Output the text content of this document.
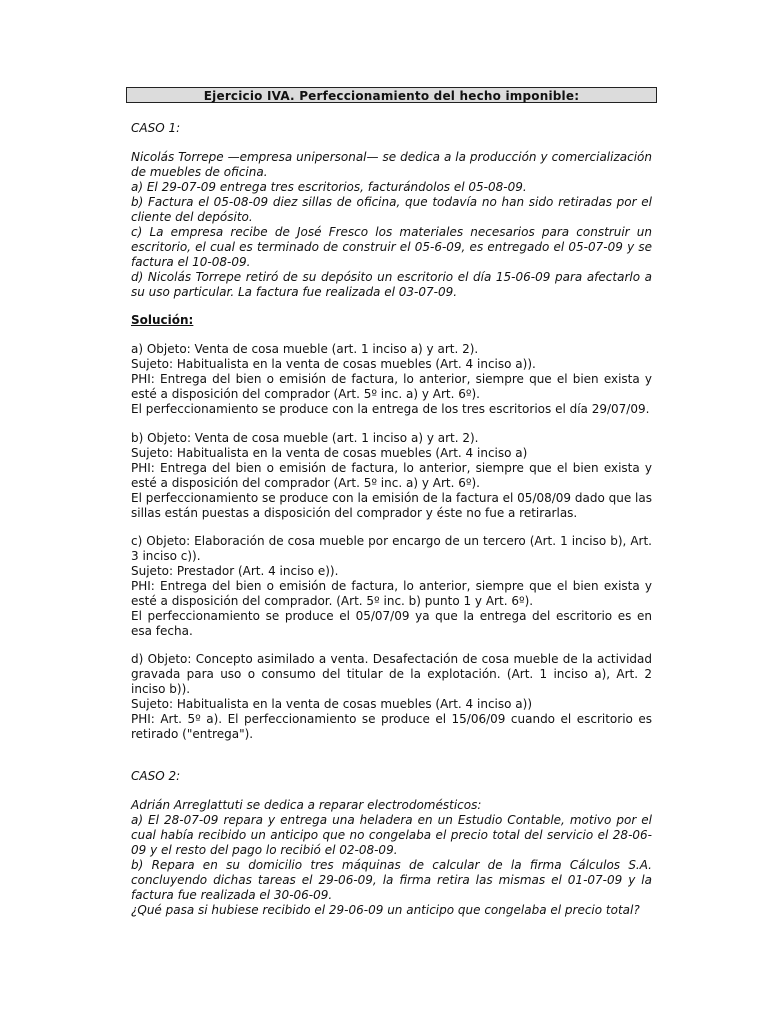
Ejercicio IVA. Perfeccionamiento del hecho imponible:
CASO 1:

Nicolás Torrepe —empresa unipersonal— se dedica a la producción y comercialización de muebles de oficina.

a) El 29-07-09 entrega tres escritorios, facturándolos el 05-08-09.

b) Factura el 05-08-09 diez sillas de oficina, que todavía no han sido retiradas por el cliente del depósito.

c) La empresa recibe de José Fresco los materiales necesarios para construir un escritorio, el cual es terminado de construir el 05-6-09, es entregado el 05-07-09 y se factura el 10-08-09.

d) Nicolás Torrepe retiró de su depósito un escritorio el día 15-06-09 para afectarlo a su uso particular. La factura fue realizada el 03-07-09.

Solución:

a) Objeto: Venta de cosa mueble (art. 1 inciso a) y art. 2).

Sujeto: Habitualista en la venta de cosas muebles (Art. 4 inciso a)).

PHI: Entrega del bien o emisión de factura, lo anterior, siempre que el bien exista y esté a disposición del comprador (Art. 5º inc. a) y Art. 6º).

El perfeccionamiento se produce con la entrega de los tres escritorios el día 29/07/09.

b) Objeto: Venta de cosa mueble (art. 1 inciso a) y art. 2).

Sujeto: Habitualista en la venta de cosas muebles (Art. 4 inciso a)

PHI: Entrega del bien o emisión de factura, lo anterior, siempre que el bien exista y esté a disposición del comprador (Art. 5º inc. a) y Art. 6º).

El perfeccionamiento se produce con la emisión de la factura el 05/08/09 dado que las sillas están puestas a disposición del comprador y éste no fue a retirarlas.

c) Objeto: Elaboración de cosa mueble por encargo de un tercero (Art. 1 inciso b), Art. 3 inciso c)).

Sujeto: Prestador (Art. 4 inciso e)).

PHI: Entrega del bien o emisión de factura, lo anterior, siempre que el bien exista y esté a disposición del comprador. (Art. 5º inc. b) punto 1 y Art. 6º).

El perfeccionamiento se produce el 05/07/09 ya que la entrega del escritorio es en esa fecha.

d) Objeto: Concepto asimilado a venta. Desafectación de cosa mueble de la actividad gravada para uso o consumo del titular de la explotación. (Art. 1 inciso a), Art. 2 inciso b)).

Sujeto: Habitualista en la venta de cosas muebles (Art. 4 inciso a))

PHI: Art. 5º a). El perfeccionamiento se produce el 15/06/09 cuando el escritorio es retirado ("entrega").

CASO 2:

Adrián Arreglattuti se dedica a reparar electrodomésticos:

a) El 28-07-09 repara y entrega una heladera en un Estudio Contable, motivo por el cual había recibido un anticipo que no congelaba el precio total del servicio el 28-06-09 y el resto del pago lo recibió el 02-08-09.

b) Repara en su domicilio tres máquinas de calcular de la firma Cálculos S.A. concluyendo dichas tareas el 29-06-09, la firma retira las mismas el 01-07-09 y la factura fue realizada el 30-06-09.

¿Qué pasa si hubiese recibido el 29-06-09 un anticipo que congelaba el precio total?
